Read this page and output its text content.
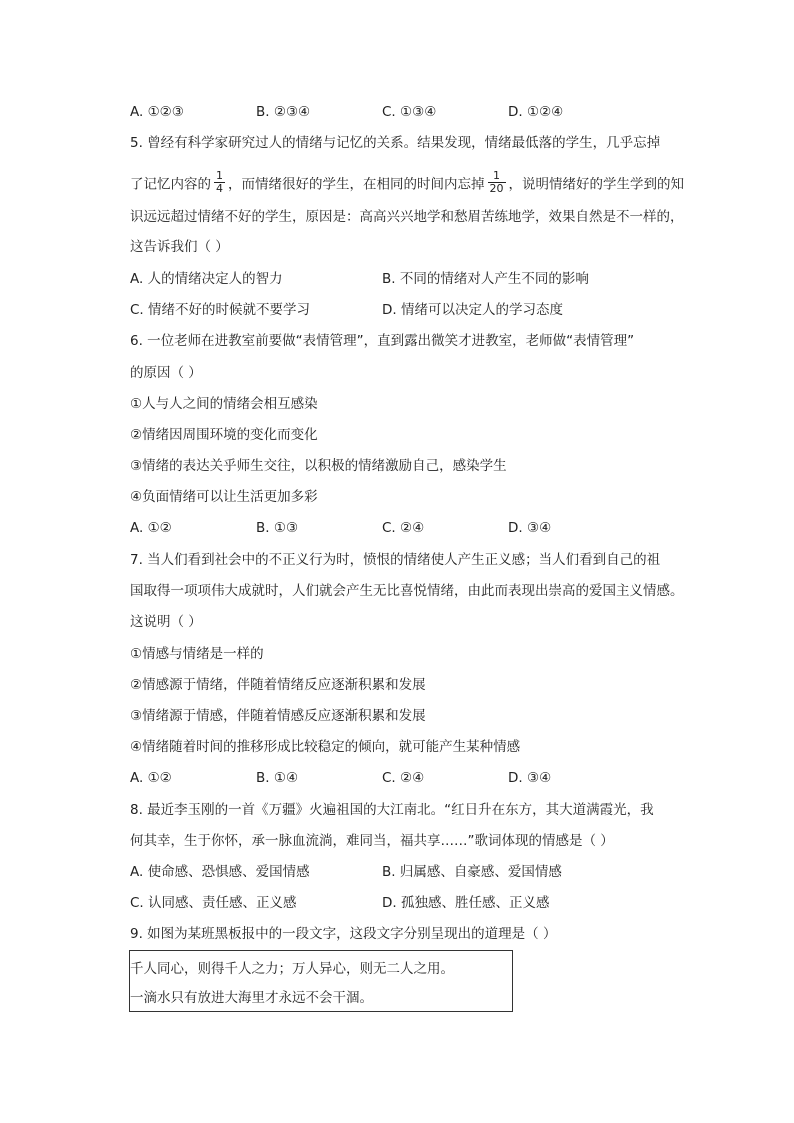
A. ①②③	B. ②③④	C. ①③④	D. ①②④
5. 曾经有科学家研究过人的情绪与记忆的关系。结果发现，情绪最低落的学生，几乎忘掉
了记忆内容的 $\frac{1}{4}$ ，而情绪很好的学生，在相同的时间内忘掉 $\frac{1}{20}$ ，说明情绪好的学生学到的知
识远远超过情绪不好的学生，原因是：高高兴兴地学和愁眉苦练地学，效果自然是不一样的，
这告诉我们（ ）
A. 人的情绪决定人的智力	B. 不同的情绪对人产生不同的影响
C. 情绪不好的时候就不要学习	D. 情绪可以决定人的学习态度
6. 一位老师在进教室前要做“表情管理”，直到露出微笑才进教室，老师做“表情管理”
的原因（ ）
①人与人之间的情绪会相互感染
②情绪因周围环境的变化而变化
③情绪的表达关乎师生交往，以积极的情绪激励自己，感染学生
④负面情绪可以让生活更加多彩
A. ①②	B. ①③	C. ②④	D. ③④
7. 当人们看到社会中的不正义行为时，愤恨的情绪使人产生正义感；当人们看到自己的祖
国取得一项项伟大成就时，人们就会产生无比喜悦情绪，由此而表现出崇高的爱国主义情感。
这说明（ ）
①情感与情绪是一样的
②情感源于情绪，伴随着情绪反应逐渐积累和发展
③情绪源于情感，伴随着情感反应逐渐积累和发展
④情绪随着时间的推移形成比较稳定的倾向，就可能产生某种情感
A. ①②	B. ①④	C. ②④	D. ③④
8. 最近李玉刚的一首《万疆》火遍祖国的大江南北。“红日升在东方，其大道满霞光，我
何其幸，生于你怀，承一脉血流淌，难同当，福共享……”歌词体现的情感是（ ）
A. 使命感、恐惧感、爱国情感	B. 归属感、自豪感、爱国情感
C. 认同感、责任感、正义感	D. 孤独感、胜任感、正义感
9. 如图为某班黑板报中的一段文字，这段文字分别呈现出的道理是（ ）
千人同心，则得千人之力；万人异心，则无二人之用。
一滴水只有放进大海里才永远不会干涸。
